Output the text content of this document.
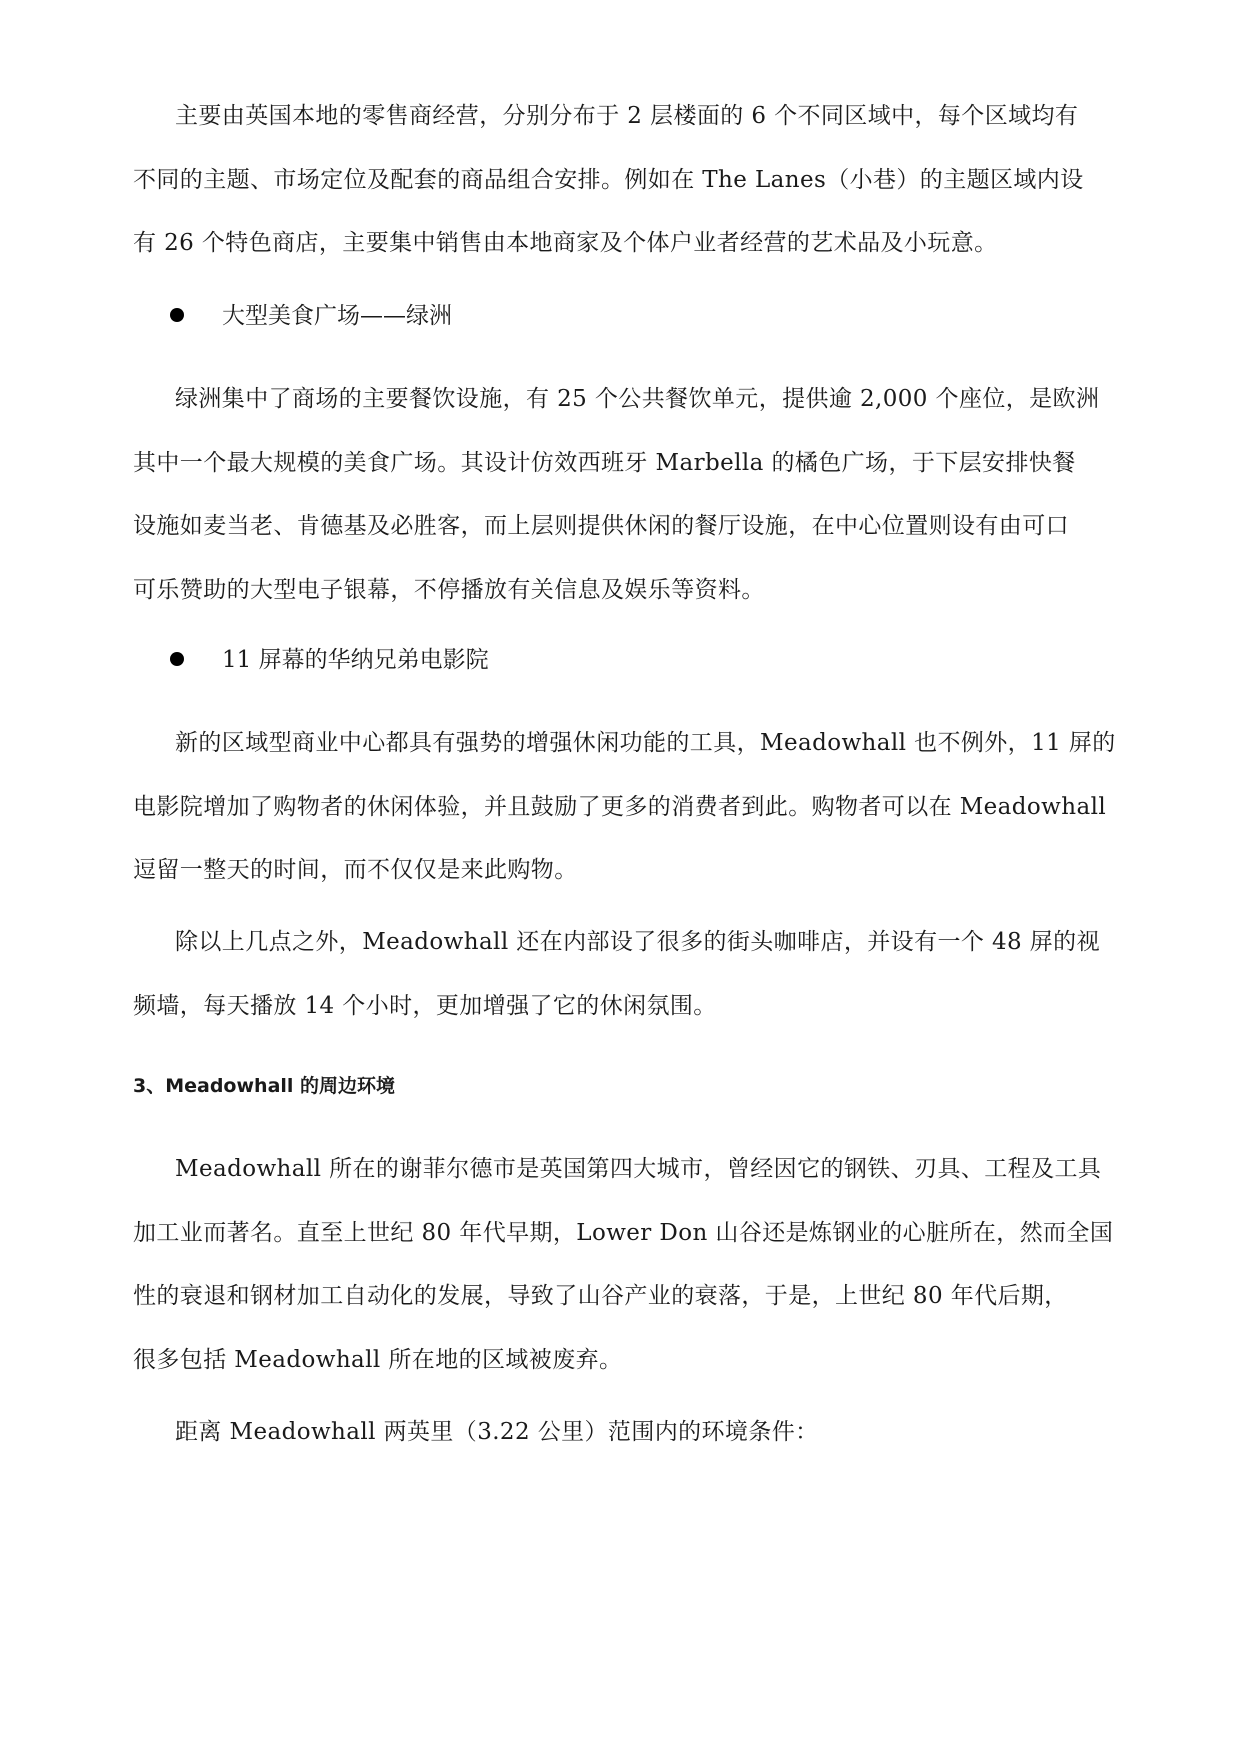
主要由英国本地的零售商经营，分别分布于 2 层楼面的 6 个不同区域中，每个区域均有
不同的主题、市场定位及配套的商品组合安排。例如在 The Lanes（小巷）的主题区域内设
有 26 个特色商店，主要集中销售由本地商家及个体户业者经营的艺术品及小玩意。

大型美食广场——绿洲

绿洲集中了商场的主要餐饮设施，有 25 个公共餐饮单元，提供逾 2,000 个座位，是欧洲
其中一个最大规模的美食广场。其设计仿效西班牙 Marbella 的橘色广场，于下层安排快餐
设施如麦当老、肯德基及必胜客，而上层则提供休闲的餐厅设施，在中心位置则设有由可口
可乐赞助的大型电子银幕，不停播放有关信息及娱乐等资料。

11 屏幕的华纳兄弟电影院

新的区域型商业中心都具有强势的增强休闲功能的工具，Meadowhall 也不例外，11 屏的
电影院增加了购物者的休闲体验，并且鼓励了更多的消费者到此。购物者可以在 Meadowhall
逗留一整天的时间，而不仅仅是来此购物。

除以上几点之外，Meadowhall 还在内部设了很多的街头咖啡店，并设有一个 48 屏的视
频墙，每天播放 14 个小时，更加增强了它的休闲氛围。

3、Meadowhall 的周边环境

Meadowhall 所在的谢菲尔德市是英国第四大城市，曾经因它的钢铁、刃具、工程及工具
加工业而著名。直至上世纪 80 年代早期，Lower Don 山谷还是炼钢业的心脏所在，然而全国
性的衰退和钢材加工自动化的发展，导致了山谷产业的衰落，于是，上世纪 80 年代后期，
很多包括 Meadowhall 所在地的区域被废弃。

距离 Meadowhall 两英里（3.22 公里）范围内的环境条件：
